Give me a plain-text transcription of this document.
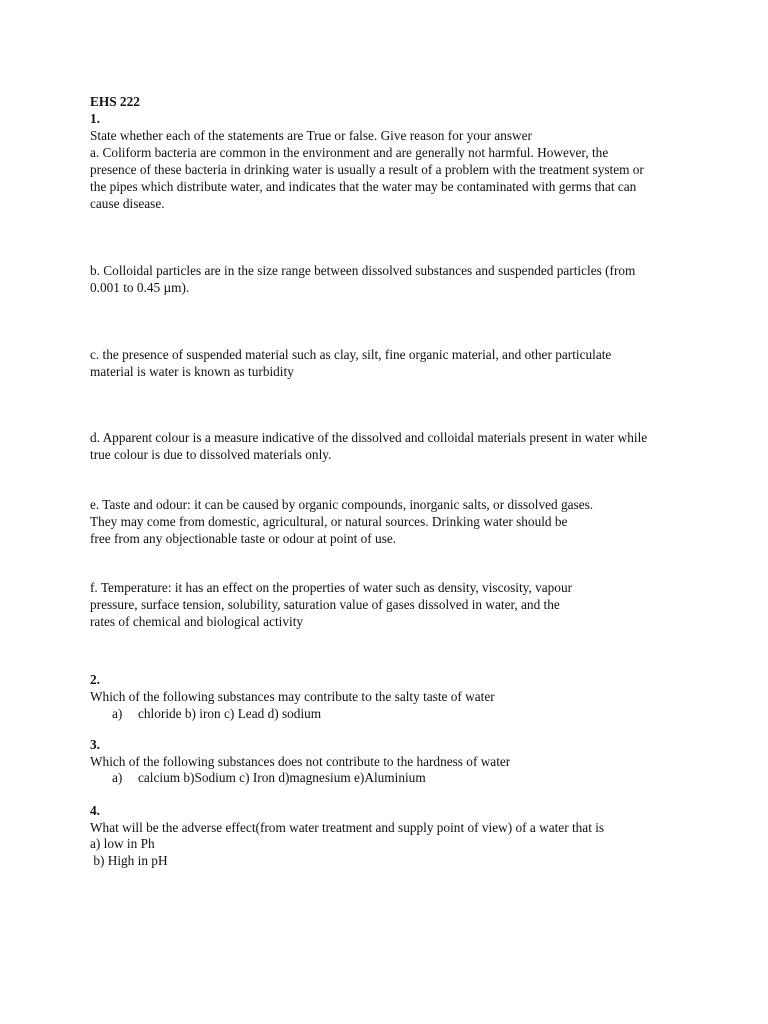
EHS 222
1.
State whether each of the statements are True or false. Give reason for your answer
a. Coliform bacteria are common in the environment and are generally not harmful. However, the
presence of these bacteria in drinking water is usually a result of a problem with the treatment system or
the pipes which distribute water, and indicates that the water may be contaminated with germs that can
cause disease.
b. Colloidal particles are in the size range between dissolved substances and suspended particles (from
0.001 to 0.45 µm).
c. the presence of suspended material such as clay, silt, fine organic material, and other particulate
material is water is known as turbidity
d. Apparent colour is a measure indicative of the dissolved and colloidal materials present in water while
true colour is due to dissolved materials only.
e. Taste and odour: it can be caused by organic compounds, inorganic salts, or dissolved gases.
They may come from domestic, agricultural, or natural sources. Drinking water should be
free from any objectionable taste or odour at point of use.
f. Temperature: it has an effect on the properties of water such as density, viscosity, vapour
pressure, surface tension, solubility, saturation value of gases dissolved in water, and the
rates of chemical and biological activity
2.
Which of the following substances may contribute to the salty taste of water
a) chloride b) iron c) Lead d) sodium
3.
Which of the following substances does not contribute to the hardness of water
a) calcium b)Sodium c) Iron d)magnesium e)Aluminium
4.
What will be the adverse effect(from water treatment and supply point of view) of a water that is
a) low in Ph
b) High in pH
